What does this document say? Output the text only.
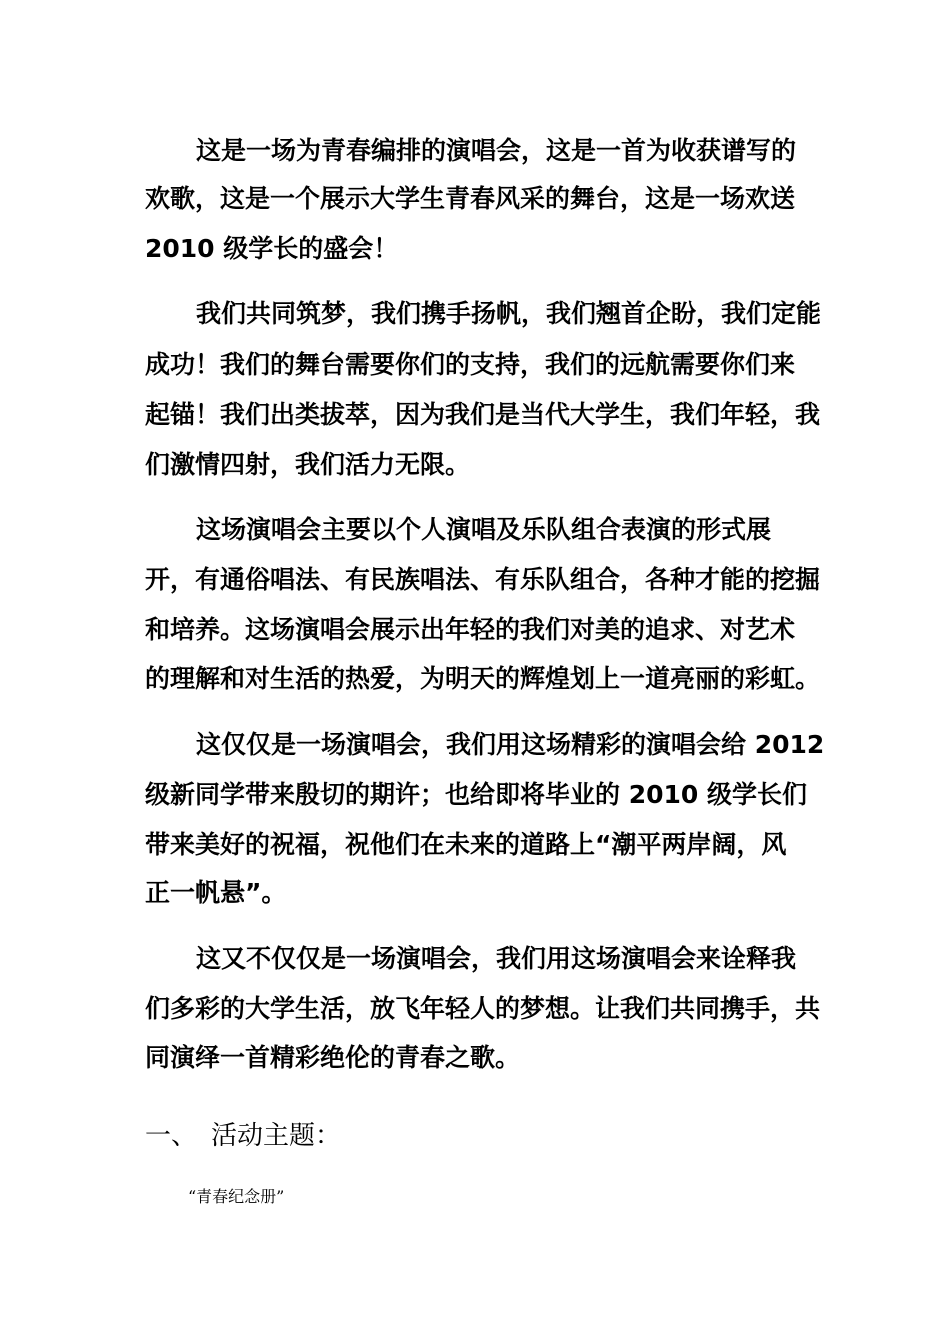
这是一场为青春编排的演唱会，这是一首为收获谱写的
欢歌，这是一个展示大学生青春风采的舞台，这是一场欢送
2010 级学长的盛会！
我们共同筑梦，我们携手扬帆，我们翘首企盼，我们定能
成功！我们的舞台需要你们的支持，我们的远航需要你们来
起锚！我们出类拔萃，因为我们是当代大学生，我们年轻，我
们激情四射，我们活力无限。
这场演唱会主要以个人演唱及乐队组合表演的形式展
开，有通俗唱法、有民族唱法、有乐队组合，各种才能的挖掘
和培养。这场演唱会展示出年轻的我们对美的追求、对艺术
的理解和对生活的热爱，为明天的辉煌划上一道亮丽的彩虹。
这仅仅是一场演唱会，我们用这场精彩的演唱会给 2012
级新同学带来殷切的期许；也给即将毕业的 2010 级学长们
带来美好的祝福，祝他们在未来的道路上“潮平两岸阔，风
正一帆悬”。
这又不仅仅是一场演唱会，我们用这场演唱会来诠释我
们多彩的大学生活，放飞年轻人的梦想。让我们共同携手，共
同演绎一首精彩绝伦的青春之歌。
一、 活动主题：
“青春纪念册”
